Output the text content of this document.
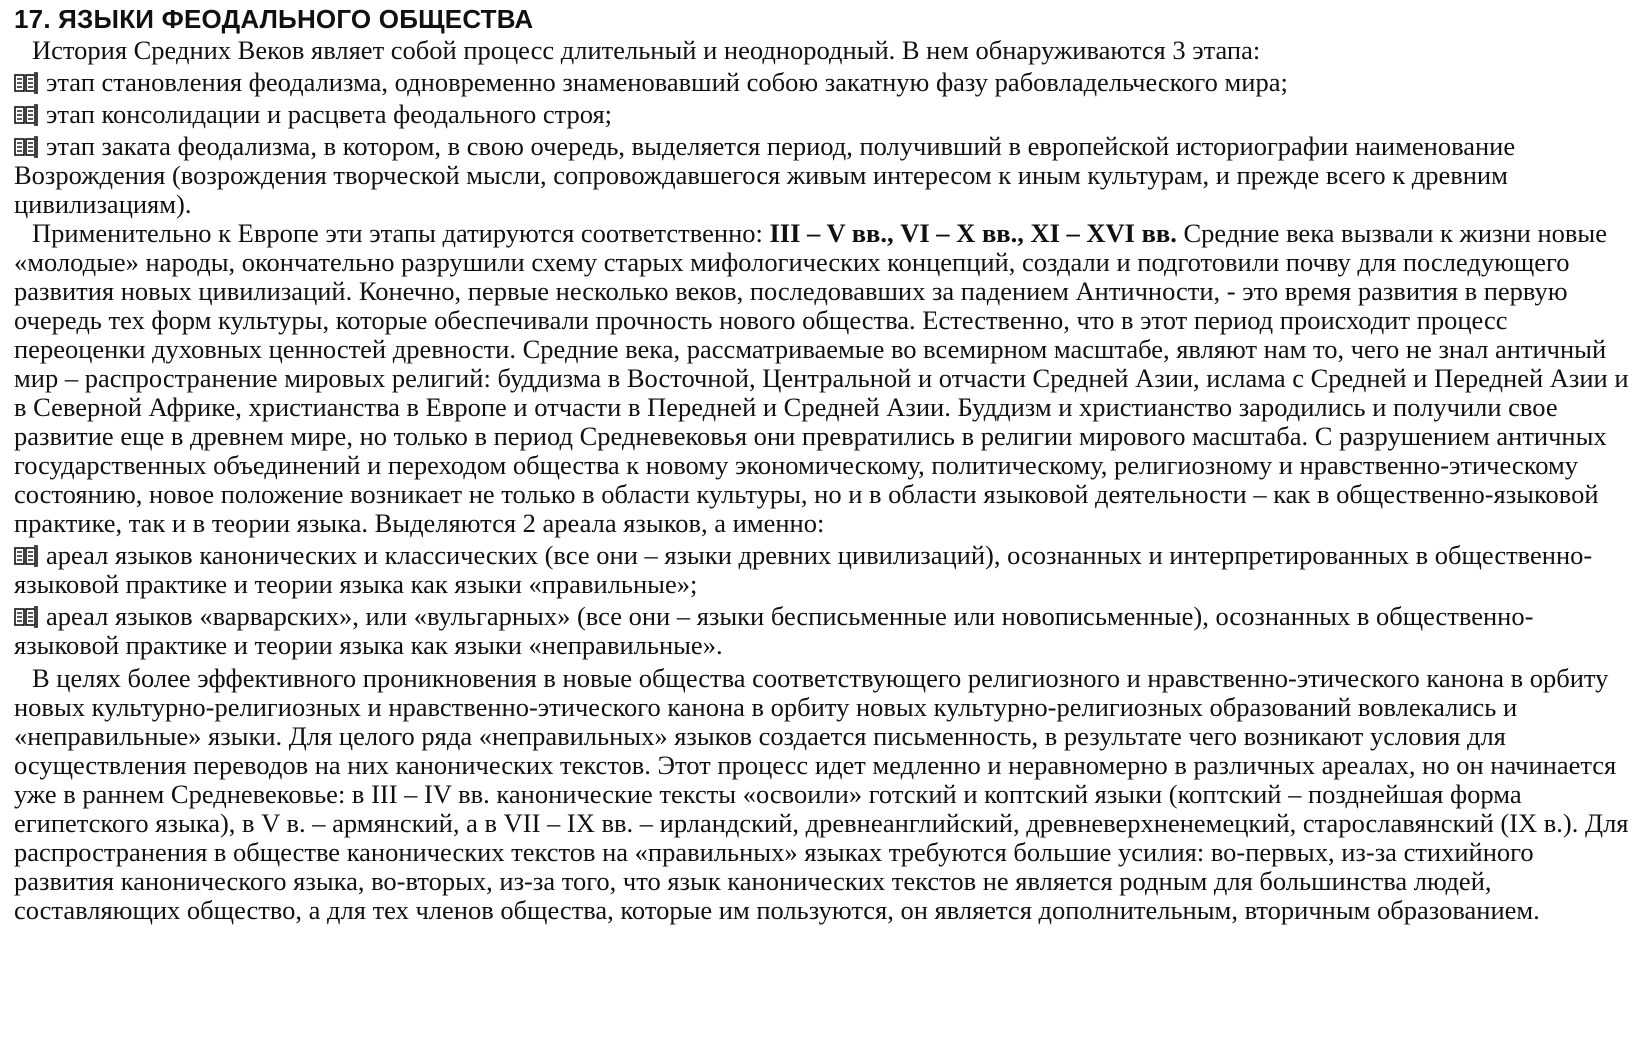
17. ЯЗЫКИ ФЕОДАЛЬНОГО ОБЩЕСТВА

История Средних Веков являет собой процесс длительный и неоднородный. В нем обнаруживаются 3 этапа:

этап становления феодализма, одновременно знаменовавший собою закатную фазу рабовладельческого мира;

этап консолидации и расцвета феодального строя;

этап заката феодализма, в котором, в свою очередь, выделяется период, получивший в европейской историографии наименование Возрождения (возрождения творческой мысли, сопровождавшегося живым интересом к иным культурам, и прежде всего к древним цивилизациям).

Применительно к Европе эти этапы датируются соответственно: III – V вв., VI – X вв., XI – XVI вв. Средние века вызвали к жизни новые «молодые» народы, окончательно разрушили схему старых мифологических концепций, создали и подготовили почву для последующего развития новых цивилизаций. Конечно, первые несколько веков, последовавших за падением Античности, - это время развития в первую очередь тех форм культуры, которые обеспечивали прочность нового общества. Естественно, что в этот период происходит процесс переоценки духовных ценностей древности. Средние века, рассматриваемые во всемирном масштабе, являют нам то, чего не знал античный мир – распространение мировых религий: буддизма в Восточной, Центральной и отчасти Средней Азии, ислама с Средней и Передней Азии и в Северной Африке, христианства в Европе и отчасти в Передней и Средней Азии. Буддизм и христианство зародились и получили свое развитие еще в древнем мире, но только в период Средневековья они превратились в религии мирового масштаба. С разрушением античных государственных объединений и переходом общества к новому экономическому, политическому, религиозному и нравственно-этическому состоянию, новое положение возникает не только в области культуры, но и в области языковой деятельности – как в общественно-языковой практике, так и в теории языка. Выделяются 2 ареала языков, а именно:

ареал языков канонических и классических (все они – языки древних цивилизаций), осознанных и интерпретированных в общественно-языковой практике и теории языка как языки «правильные»;

ареал языков «варварских», или «вульгарных» (все они – языки бесписьменные или новописьменные), осознанных в общественно-языковой практике и теории языка как языки «неправильные».

В целях более эффективного проникновения в новые общества соответствующего религиозного и нравственно-этического канона в орбиту новых культурно-религиозных и нравственно-этического канона в орбиту новых культурно-религиозных образований вовлекались и «неправильные» языки. Для целого ряда «неправильных» языков создается письменность, в результате чего возникают условия для осуществления переводов на них канонических текстов. Этот процесс идет медленно и неравномерно в различных ареалах, но он начинается уже в раннем Средневековье: в III – IV вв. канонические тексты «освоили» готский и коптский языки (коптский – позднейшая форма египетского языка), в V в. – армянский, а в VII – IX вв. – ирландский, древнеанглийский, древневерхненемецкий, старославянский (IX в.). Для распространения в обществе канонических текстов на «правильных» языках требуются большие усилия: во-первых, из-за стихийного развития канонического языка, во-вторых, из-за того, что язык канонических текстов не является родным для большинства людей, составляющих общество, а для тех членов общества, которые им пользуются, он является дополнительным, вторичным образованием.
